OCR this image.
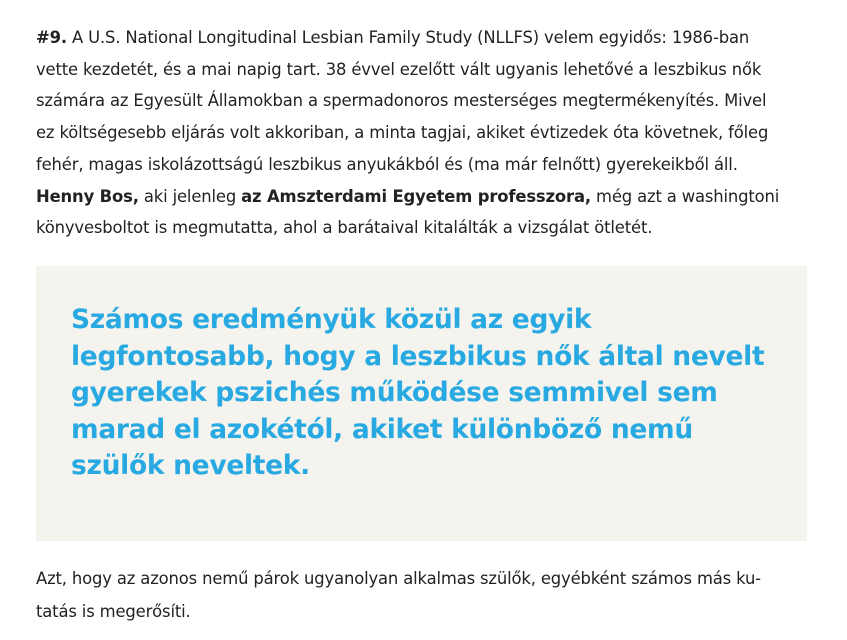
#9. A U.S. National Longitudinal Lesbian Family Study (NLLFS) velem egyidős: 1986-ban
vette kezdetét, és a mai napig tart. 38 évvel ezelőtt vált ugyanis lehetővé a leszbikus nők
számára az Egyesült Államokban a spermadonoros mesterséges megtermékenyítés. Mivel
ez költségesebb eljárás volt akkoriban, a minta tagjai, akiket évtizedek óta követnek, főleg
fehér, magas iskolázottságú leszbikus anyukákból és (ma már felnőtt) gyerekeikből áll.
Henny Bos, aki jelenleg az Amszterdami Egyetem professzora, még azt a washingtoni
könyvesboltot is megmutatta, ahol a barátaival kitalálták a vizsgálat ötletét.

Számos eredményük közül az egyik
legfontosabb, hogy a leszbikus nők által nevelt
gyerekek pszichés működése semmivel sem
marad el azokétól, akiket különböző nemű
szülők neveltek.

Azt, hogy az azonos nemű párok ugyanolyan alkalmas szülők, egyébként számos más ku-
tatás is megerősíti.
